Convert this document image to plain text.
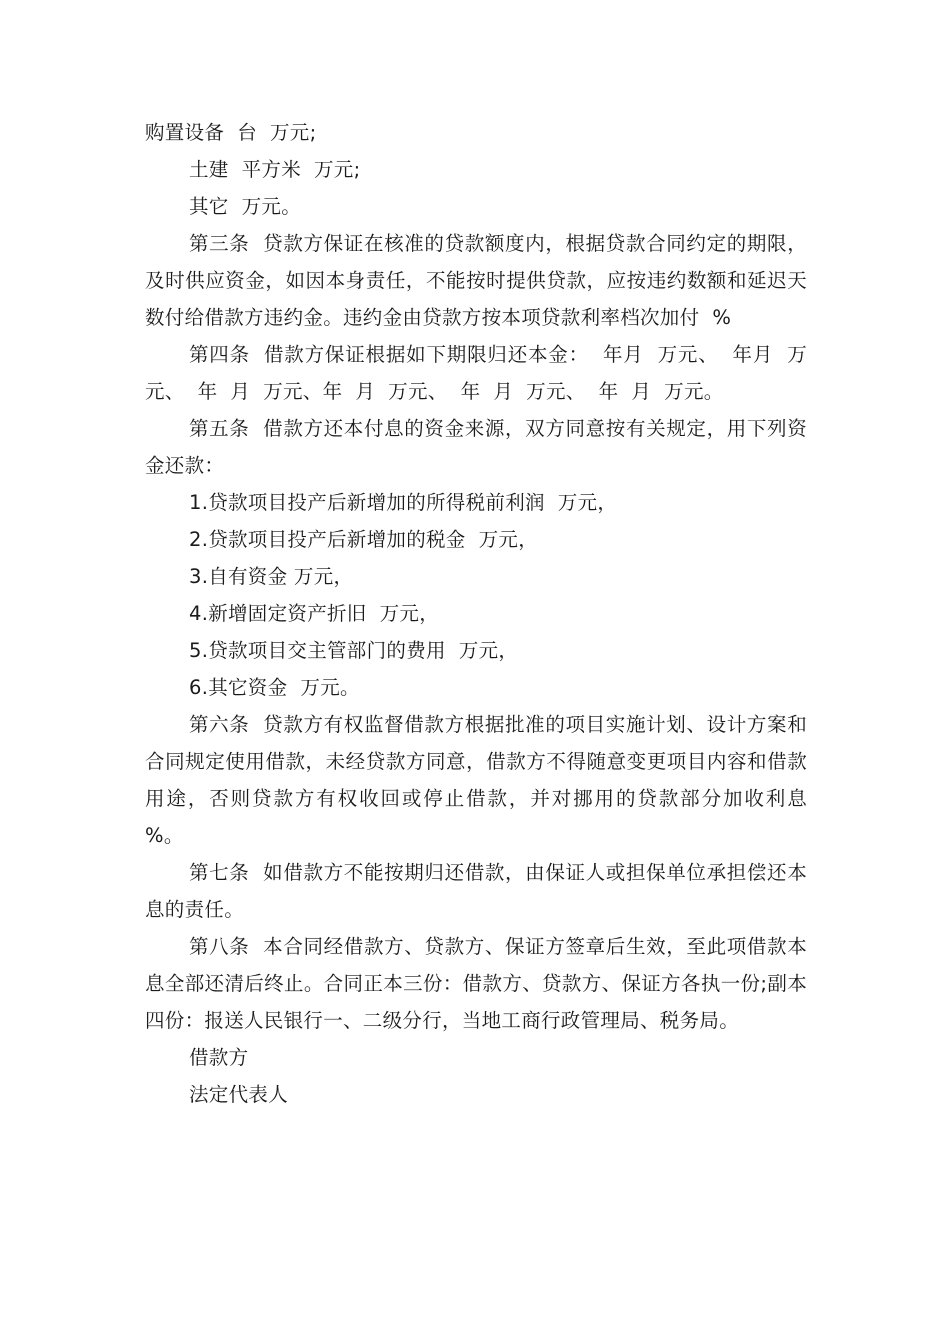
购置设备  台  万元;

土建  平方米  万元;

其它  万元。

第三条  贷款方保证在核准的贷款额度内，根据贷款合同约定的期限，及时供应资金，如因本身责任，不能按时提供贷款，应按违约数额和延迟天数付给借款方违约金。违约金由贷款方按本项贷款利率档次加付  %

第四条  借款方保证根据如下期限归还本金：  年月  万元、  年月  万元、  年  月  万元、年  月  万元、  年  月  万元、  年  月  万元。

第五条  借款方还本付息的资金来源，双方同意按有关规定，用下列资金还款：

1.贷款项目投产后新增加的所得税前利润  万元，

2.贷款项目投产后新增加的税金  万元，

3.自有资金 万元，

4.新增固定资产折旧  万元，

5.贷款项目交主管部门的费用  万元，

6.其它资金  万元。

第六条  贷款方有权监督借款方根据批准的项目实施计划、设计方案和合同规定使用借款，未经贷款方同意，借款方不得随意变更项目内容和借款用途，否则贷款方有权收回或停止借款，并对挪用的贷款部分加收利息  %。

第七条  如借款方不能按期归还借款，由保证人或担保单位承担偿还本息的责任。

第八条  本合同经借款方、贷款方、保证方签章后生效，至此项借款本息全部还清后终止。合同正本三份：借款方、贷款方、保证方各执一份;副本四份：报送人民银行一、二级分行，当地工商行政管理局、税务局。

借款方

法定代表人
